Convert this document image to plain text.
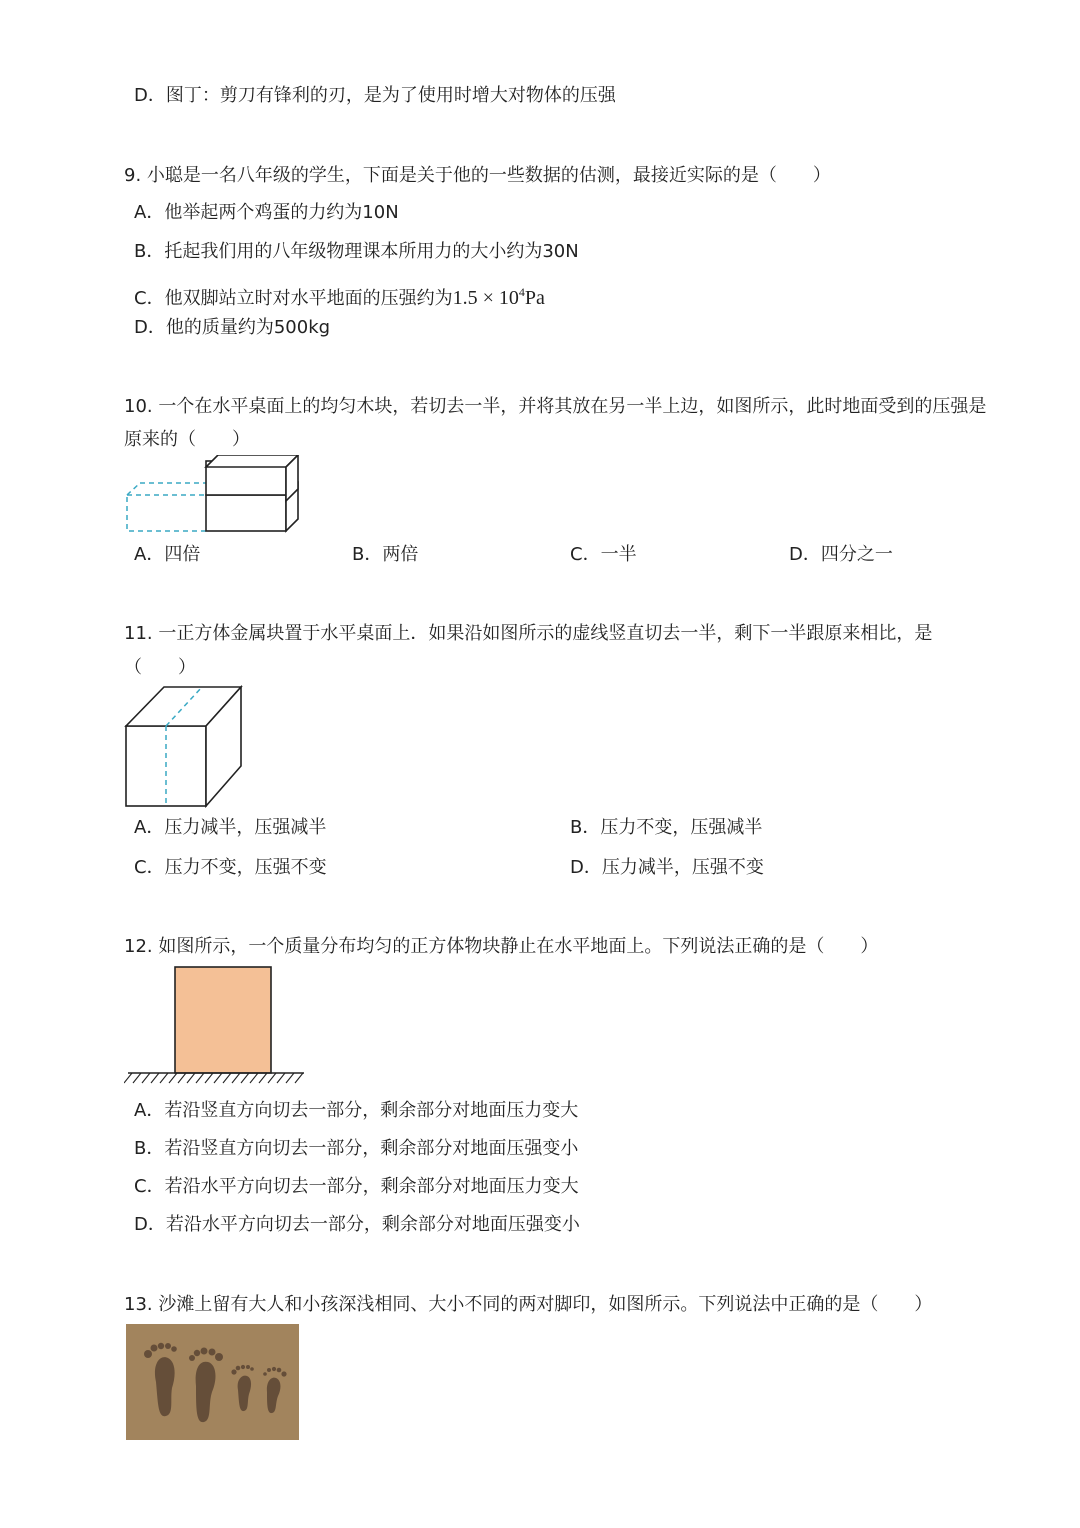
D．图丁：剪刀有锋利的刃，是为了使用时增大对物体的压强
9. 小聪是一名八年级的学生，下面是关于他的一些数据的估测，最接近实际的是（　　）
A．他举起两个鸡蛋的力约为10N
B．托起我们用的八年级物理课本所用力的大小约为30N
C．他双脚站立时对水平地面的压强约为$1.5 \times 10^4Pa$
D．他的质量约为500kg
10. 一个在水平桌面上的均匀木块，若切去一半，并将其放在另一半上边，如图所示，此时地面受到的压强是
原来的（　　）
A．四倍	B．两倍	C．一半	D．四分之一
11. 一正方体金属块置于水平桌面上．如果沿如图所示的虚线竖直切去一半，剩下一半跟原来相比，是
（　　）
A．压力减半，压强减半	B．压力不变，压强减半
C．压力不变，压强不变	D．压力减半，压强不变
12. 如图所示，一个质量分布均匀的正方体物块静止在水平地面上。下列说法正确的是（　　）
A．若沿竖直方向切去一部分，剩余部分对地面压力变大
B．若沿竖直方向切去一部分，剩余部分对地面压强变小
C．若沿水平方向切去一部分，剩余部分对地面压力变大
D．若沿水平方向切去一部分，剩余部分对地面压强变小
13. 沙滩上留有大人和小孩深浅相同、大小不同的两对脚印，如图所示。下列说法中正确的是（　　）
